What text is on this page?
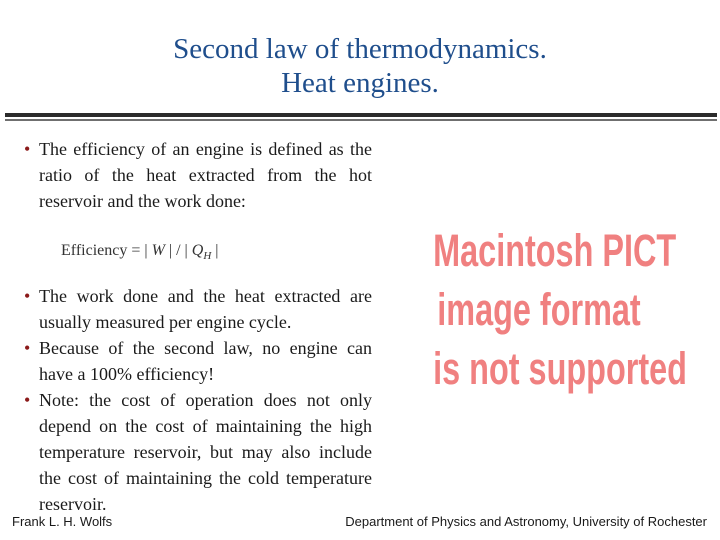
Second law of thermodynamics.
Heat engines.
• The efficiency of an engine is defined as the ratio of the heat extracted from the hot reservoir and the work done:
Efficiency = | W | / | $Q_H$ |
• The work done and the heat extracted are usually measured per engine cycle.
• Because of the second law, no engine can have a 100% efficiency!
• Note: the cost of operation does not only depend on the cost of maintaining the high temperature reservoir, but may also include the cost of maintaining the cold temperature reservoir.
Macintosh PICT
image format
is not supported
Frank L. H. Wolfs	Department of Physics and Astronomy, University of Rochester
